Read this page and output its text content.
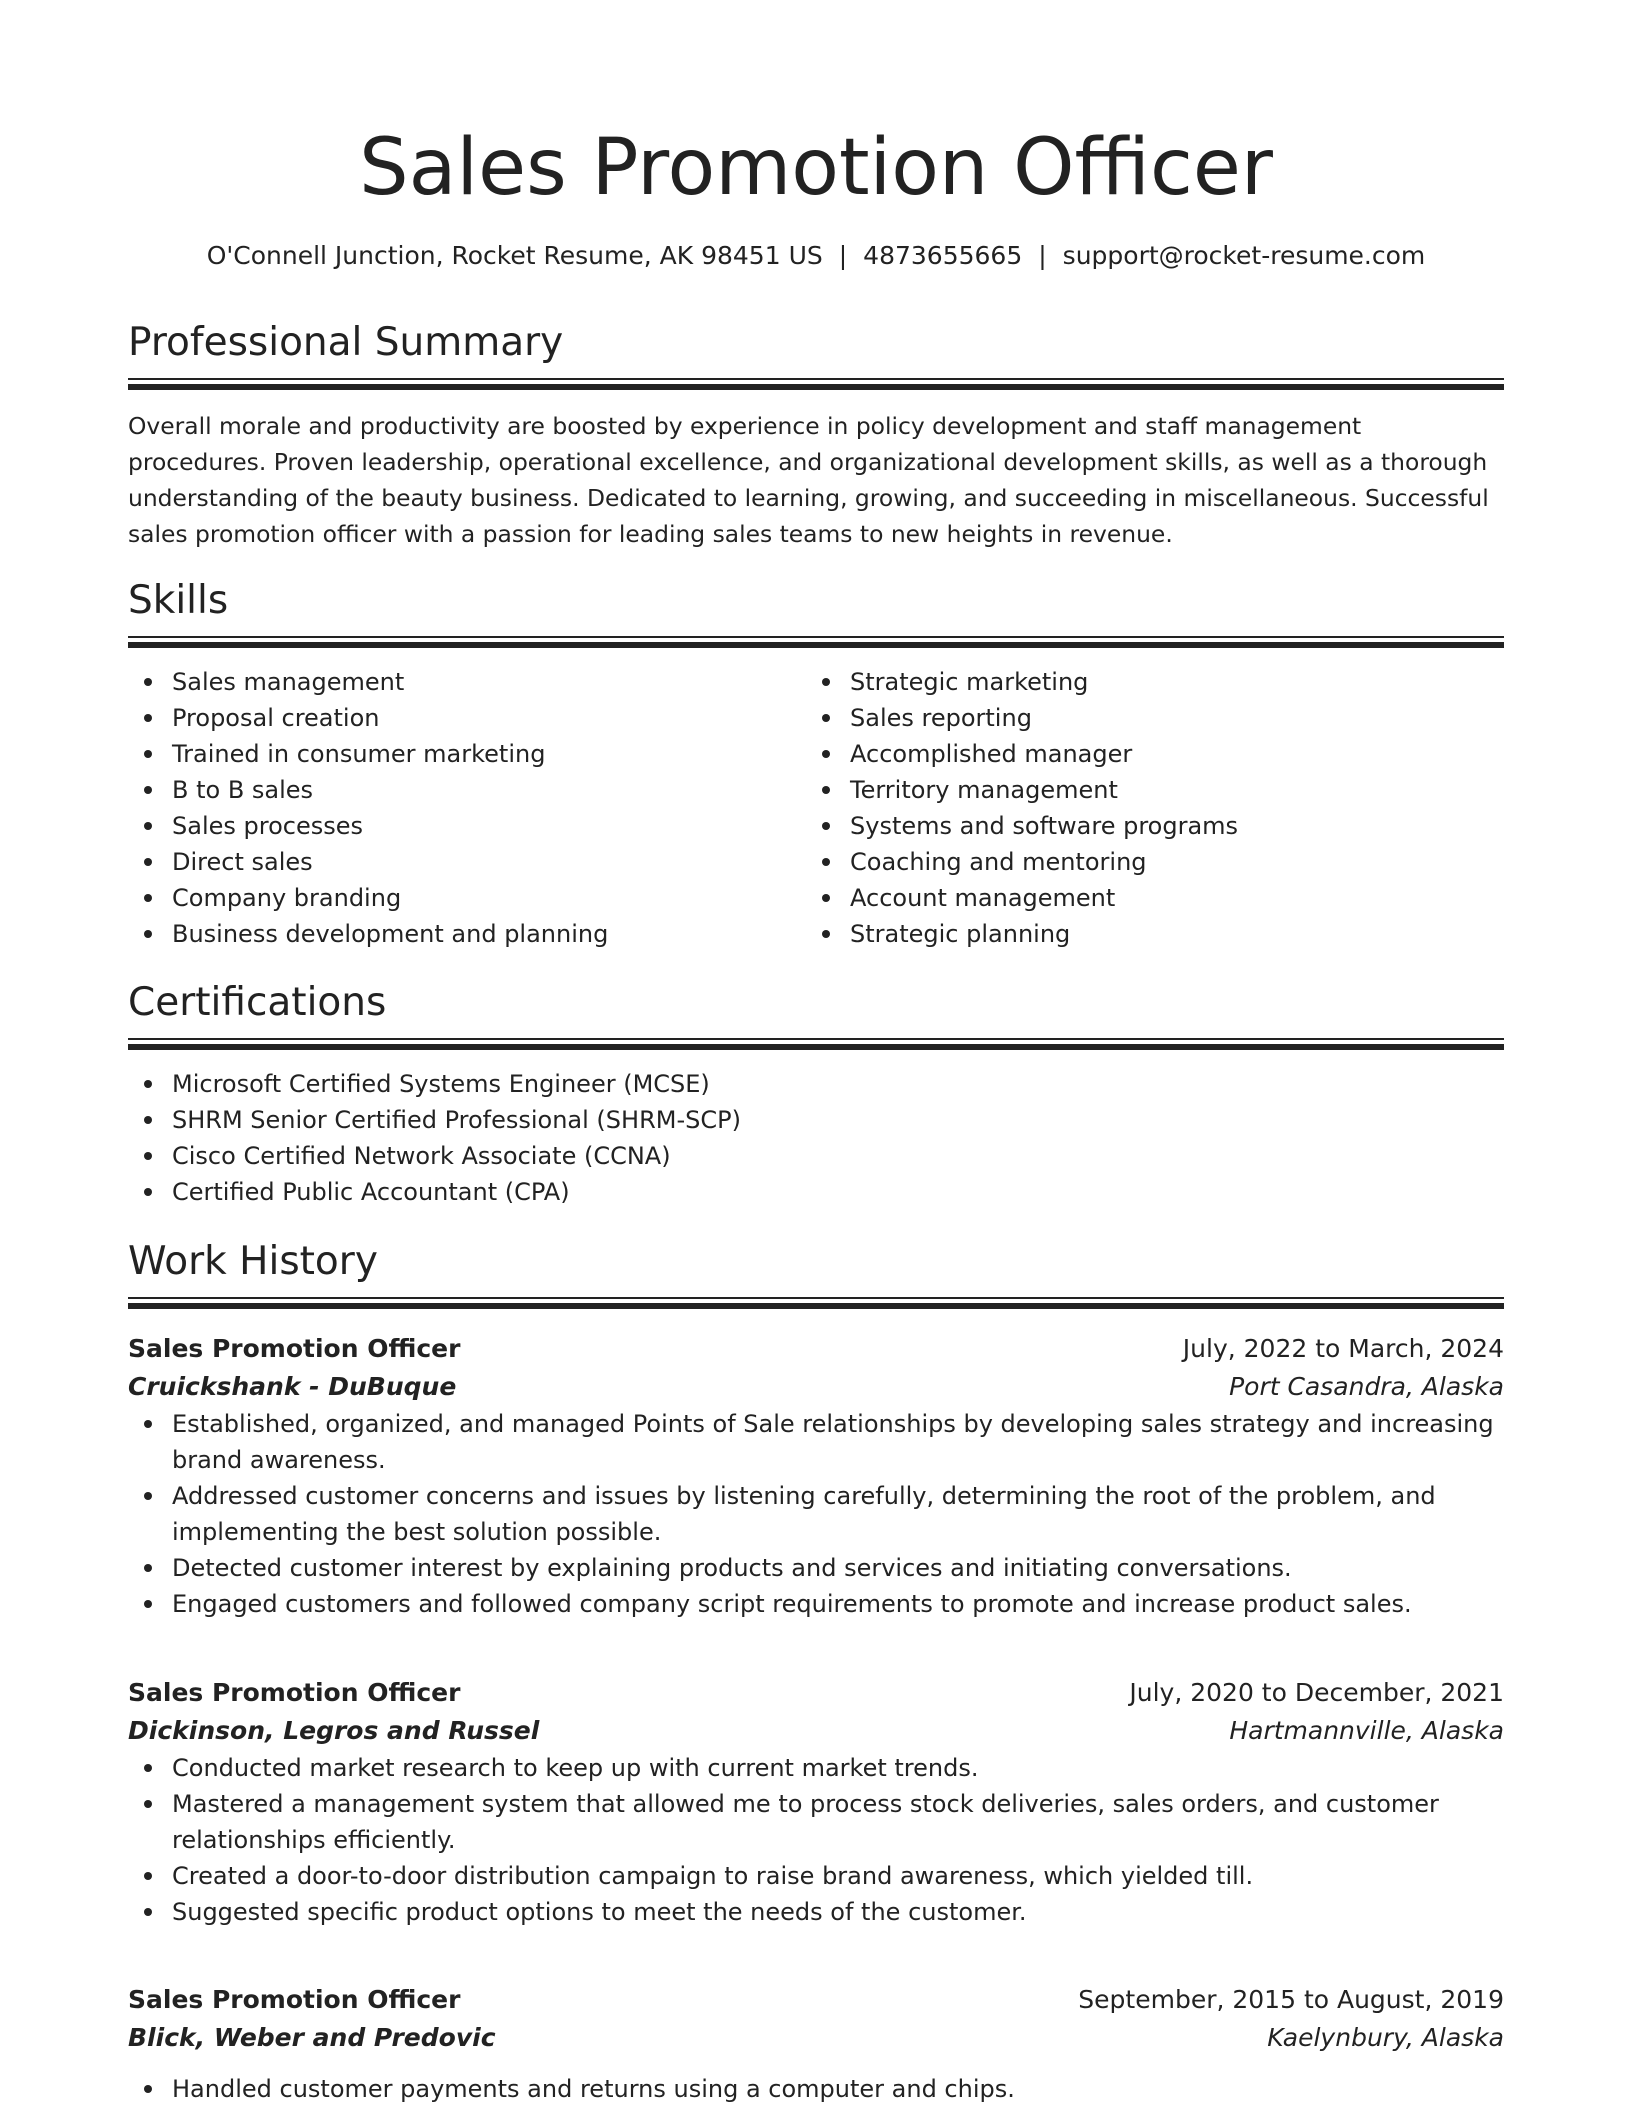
Sales Promotion Officer
O'Connell Junction, Rocket Resume, AK 98451 US | 4873655665 | support@rocket-resume.com
Professional Summary

Overall morale and productivity are boosted by experience in policy development and staff management procedures. Proven leadership, operational excellence, and organizational development skills, as well as a thorough understanding of the beauty business. Dedicated to learning, growing, and succeeding in miscellaneous. Successful sales promotion officer with a passion for leading sales teams to new heights in revenue.

Skills
Sales management
Proposal creation
Trained in consumer marketing
B to B sales
Sales processes
Direct sales
Company branding
Business development and planning
Strategic marketing
Sales reporting
Accomplished manager
Territory management
Systems and software programs
Coaching and mentoring
Account management
Strategic planning
Certifications
Microsoft Certified Systems Engineer (MCSE)
SHRM Senior Certified Professional (SHRM-SCP)
Cisco Certified Network Associate (CCNA)
Certified Public Accountant (CPA)
Work History
Sales Promotion Officer	July, 2022 to March, 2024
Cruickshank - DuBuque	Port Casandra, Alaska
Established, organized, and managed Points of Sale relationships by developing sales strategy and increasing brand awareness.
Addressed customer concerns and issues by listening carefully, determining the root of the problem, and implementing the best solution possible.
Detected customer interest by explaining products and services and initiating conversations.
Engaged customers and followed company script requirements to promote and increase product sales.
Sales Promotion Officer	July, 2020 to December, 2021
Dickinson, Legros and Russel	Hartmannville, Alaska
Conducted market research to keep up with current market trends.
Mastered a management system that allowed me to process stock deliveries, sales orders, and customer relationships efficiently.
Created a door-to-door distribution campaign to raise brand awareness, which yielded till.
Suggested specific product options to meet the needs of the customer.
Sales Promotion Officer	September, 2015 to August, 2019
Blick, Weber and Predovic	Kaelynbury, Alaska
Handled customer payments and returns using a computer and chips.
